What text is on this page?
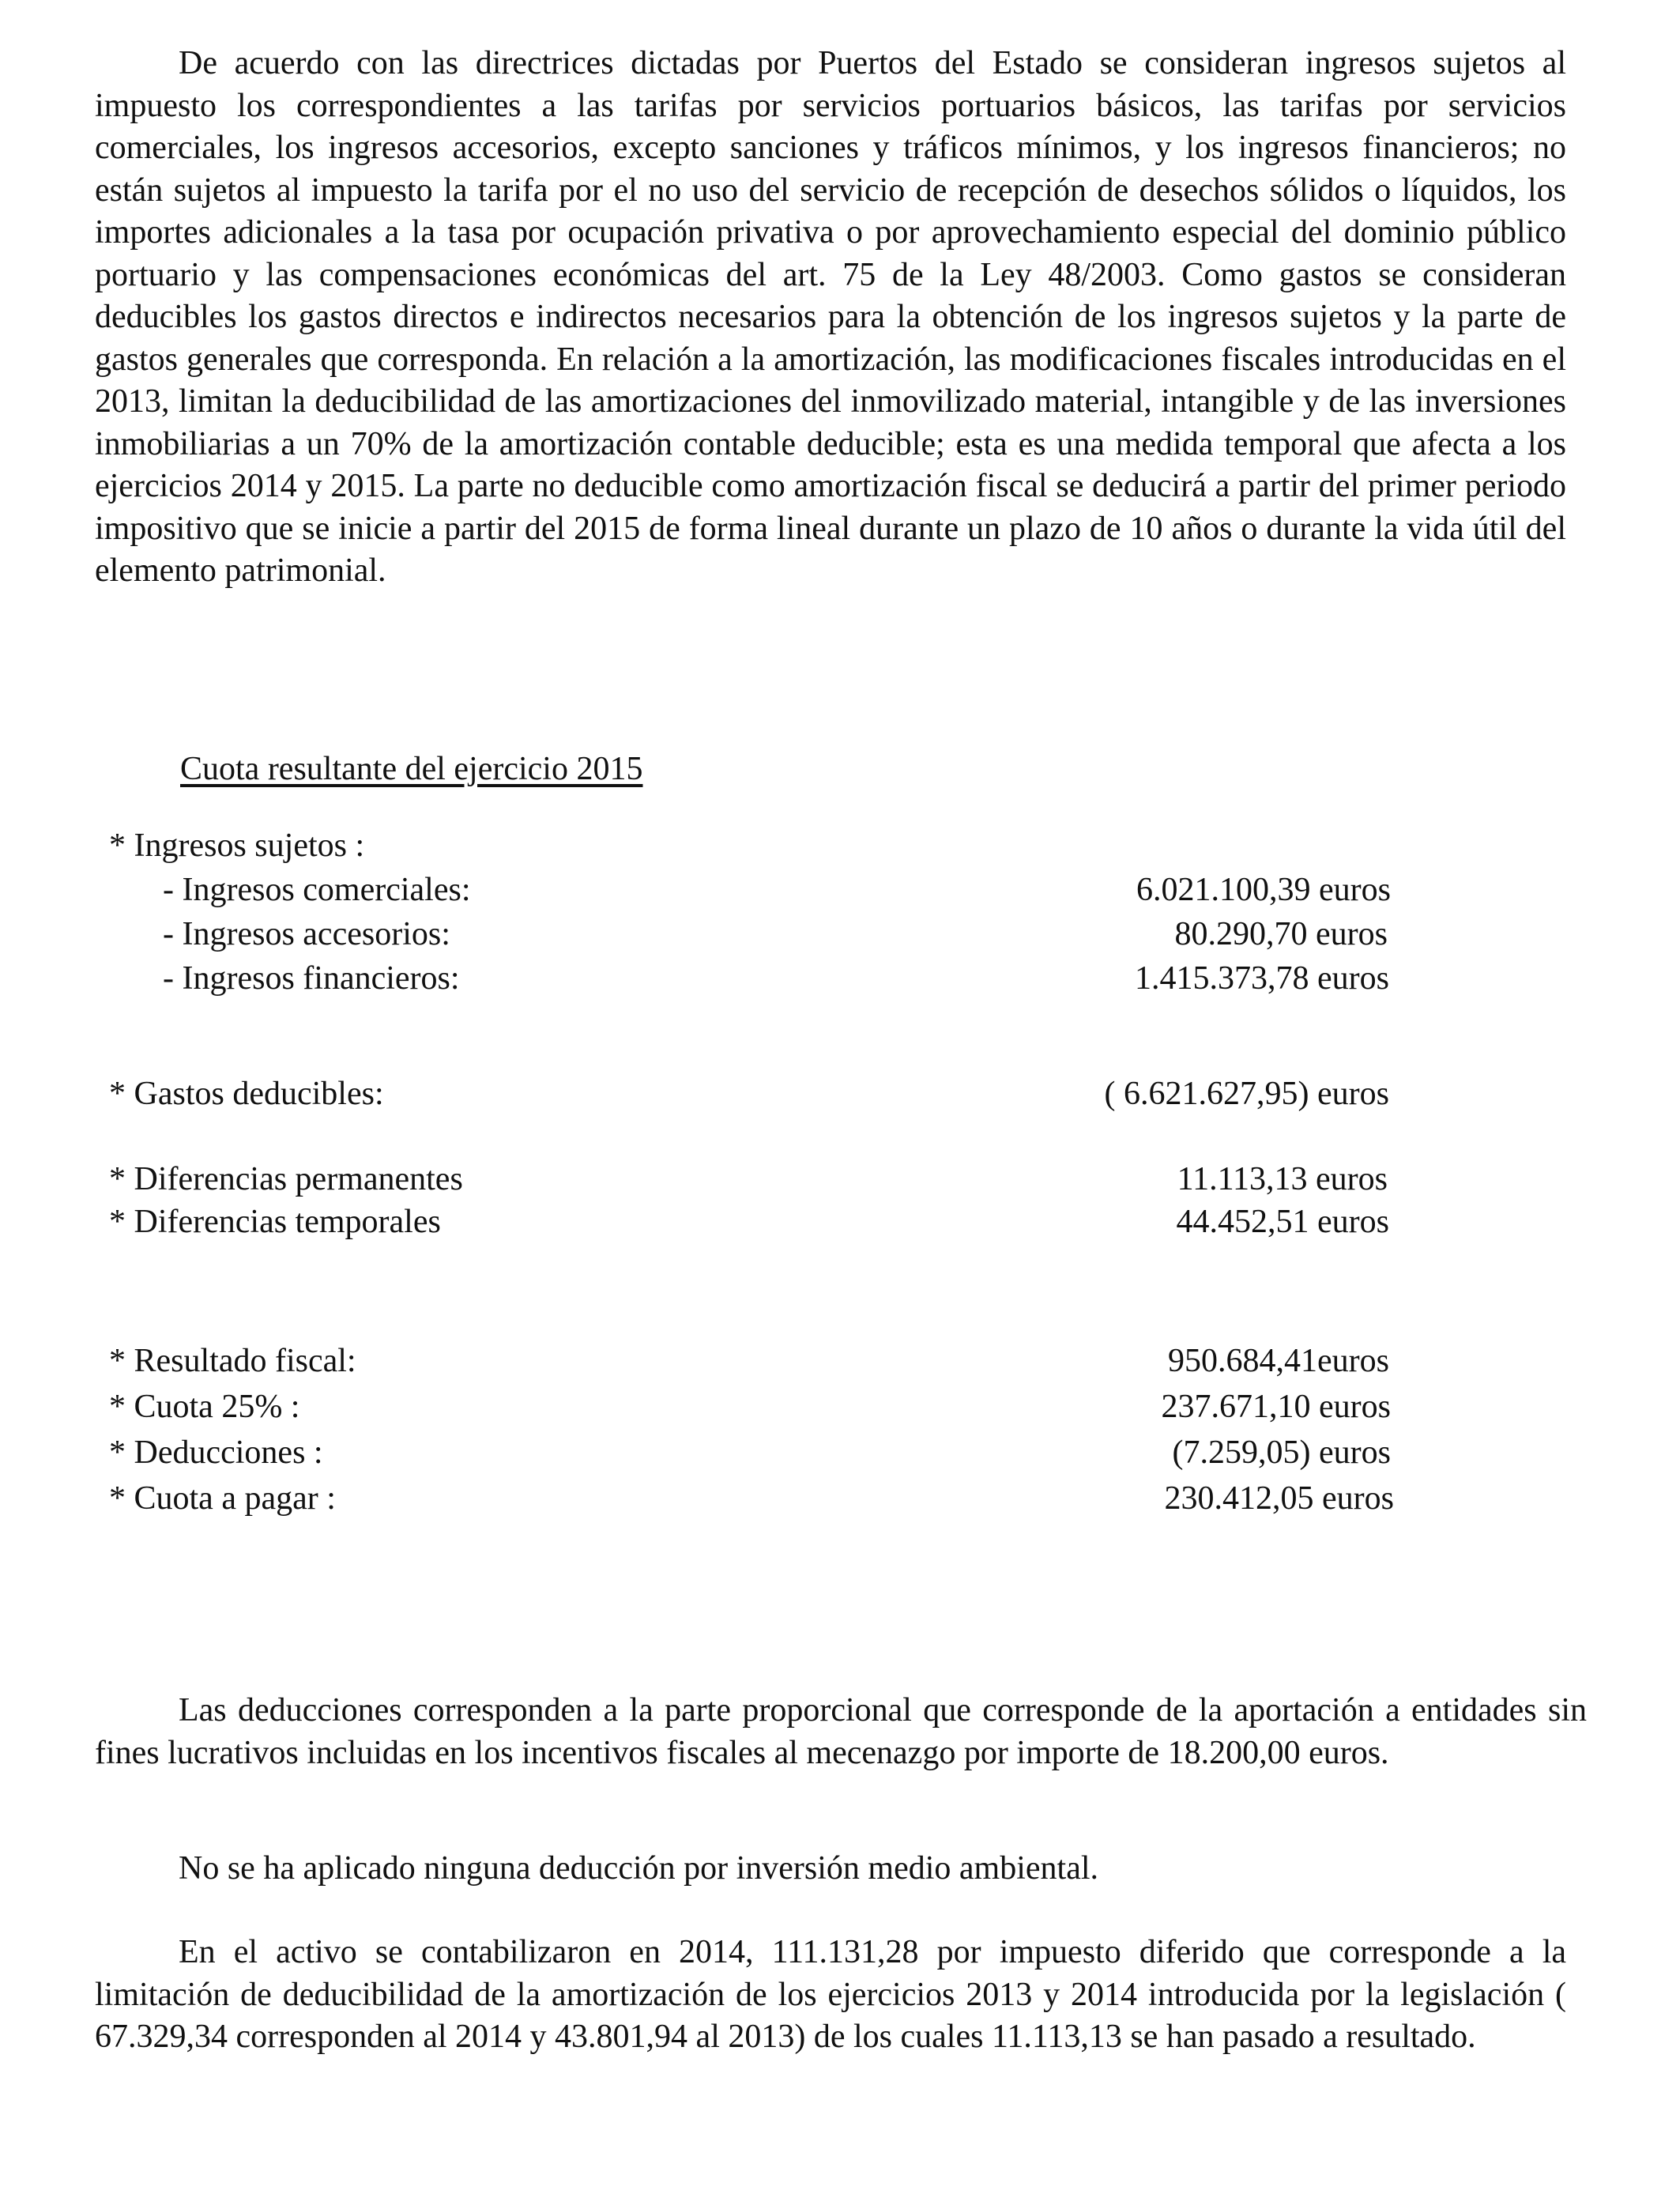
De acuerdo con las directrices dictadas por Puertos del Estado se consideran ingresos sujetos al impuesto los correspondientes a las tarifas por servicios portuarios básicos, las tarifas por servicios comerciales, los ingresos accesorios, excepto sanciones y tráficos mínimos, y los ingresos financieros; no están sujetos al impuesto la tarifa por el no uso del servicio de recepción de desechos sólidos o líquidos, los importes adicionales a la tasa por ocupación privativa o por aprovechamiento especial del dominio público portuario y las compensaciones económicas del art. 75 de la Ley 48/2003. Como gastos se consideran deducibles los gastos directos e indirectos necesarios para la obtención de los ingresos sujetos y la parte de gastos generales que corresponda. En relación a la amortización, las modificaciones fiscales introducidas en el 2013, limitan la deducibilidad de las amortizaciones del inmovilizado material, intangible y de las inversiones inmobiliarias a un 70% de la amortización contable deducible; esta es una medida temporal que afecta a los ejercicios 2014 y 2015. La parte no deducible como amortización fiscal se deducirá a partir del primer periodo impositivo que se inicie a partir del 2015 de forma lineal durante un plazo de 10 años o durante la vida útil del elemento patrimonial.

Cuota resultante del ejercicio 2015

* Ingresos sujetos :
- Ingresos comerciales:	6.021.100,39 euros
- Ingresos accesorios:	80.290,70 euros
- Ingresos financieros:	1.415.373,78 euros
* Gastos deducibles:	( 6.621.627,95) euros
* Diferencias permanentes	11.113,13 euros
* Diferencias temporales	44.452,51 euros
* Resultado fiscal:	950.684,41euros
* Cuota 25% :	237.671,10 euros
* Deducciones :	(7.259,05) euros
* Cuota a pagar :	230.412,05 euros

Las deducciones corresponden a la parte proporcional que corresponde de la aportación a entidades sin fines lucrativos incluidas en los incentivos fiscales al mecenazgo por importe de 18.200,00 euros.

No se ha aplicado ninguna deducción por inversión medio ambiental.

En el activo se contabilizaron en 2014, 111.131,28 por impuesto diferido que corresponde a la limitación de deducibilidad de la amortización de los ejercicios 2013 y 2014 introducida por la legislación ( 67.329,34 corresponden al 2014 y 43.801,94 al 2013) de los cuales 11.113,13 se han pasado a resultado.
